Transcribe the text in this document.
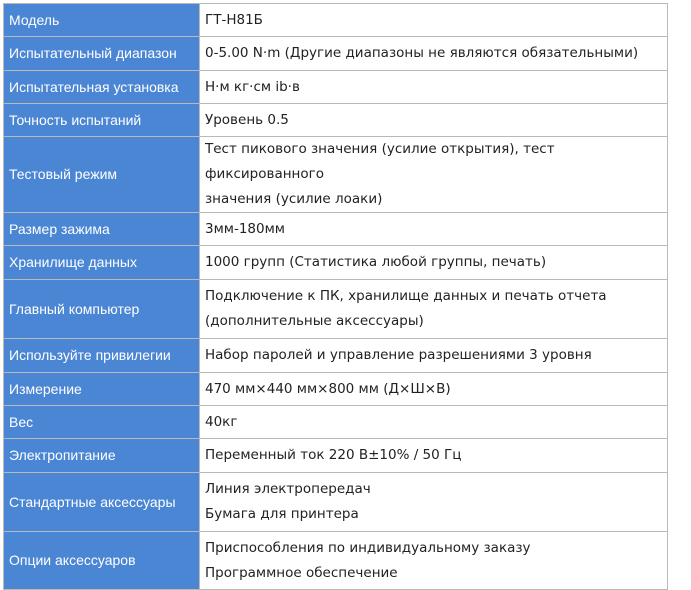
Модель	ГТ-Н81Б

Испытательный диапазон	0-5.00 N·m (Другие диапазоны не являются обязательными)

Испытательная установка	Н·м кг·см ib·в

Точность испытаний	Уровень 0.5

Тестовый режим	Тест пикового значения (усилие открытия), тест фиксированного
значения (усилие лоаки)

Размер зажима	3мм-180мм

Хранилище данных	1000 групп (Статистика любой группы, печать)

Главный компьютер	Подключение к ПК, хранилище данных и печать отчета
(дополнительные аксессуары)

Используйте привилегии	Набор паролей и управление разрешениями 3 уровня

Измерение	470 мм×440 мм×800 мм (Д×Ш×В)

Вес	40кг

Электропитание	Переменный ток 220 В±10% / 50 Гц

Стандартные аксессуары	Линия электропередач
Бумага для принтера

Опции аксессуаров	Приспособления по индивидуальному заказу
Программное обеспечение
